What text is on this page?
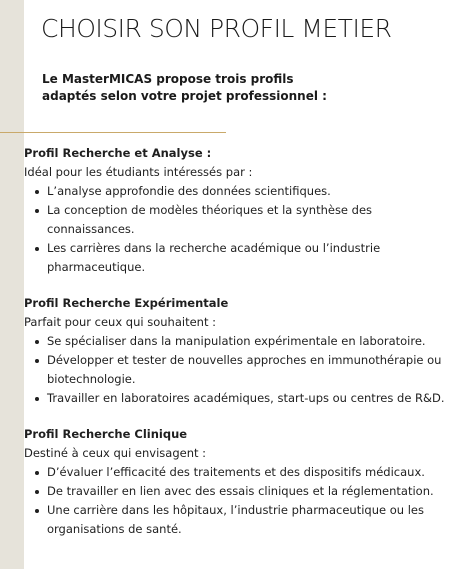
CHOISIR SON PROFIL METIER
Le MasterMICAS propose trois profils
adaptés selon votre projet professionnel :
Profil Recherche et Analyse :
Idéal pour les étudiants intéressés par :
L’analyse approfondie des données scientifiques.
La conception de modèles théoriques et la synthèse des connaissances.
Les carrières dans la recherche académique ou l’industrie pharmaceutique.
Profil Recherche Expérimentale
Parfait pour ceux qui souhaitent :
Se spécialiser dans la manipulation expérimentale en laboratoire.
Développer et tester de nouvelles approches en immunothérapie ou biotechnologie.
Travailler en laboratoires académiques, start-ups ou centres de R&D.
Profil Recherche Clinique
Destiné à ceux qui envisagent :
D’évaluer l’efficacité des traitements et des dispositifs médicaux.
De travailler en lien avec des essais cliniques et la réglementation.
Une carrière dans les hôpitaux, l’industrie pharmaceutique ou les organisations de santé.
